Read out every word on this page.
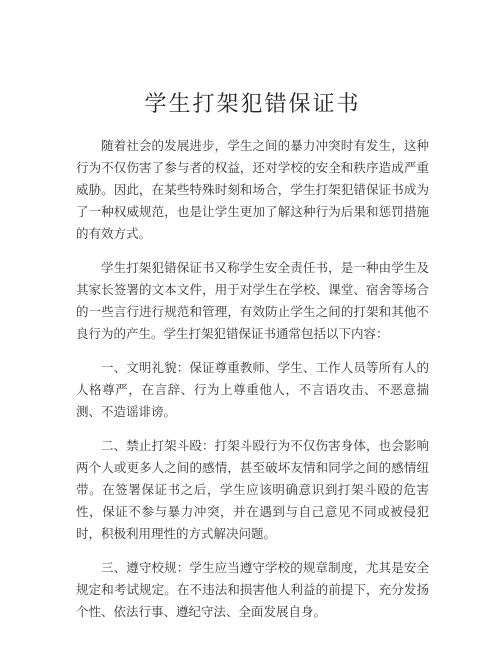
学生打架犯错保证书

随着社会的发展进步，学生之间的暴力冲突时有发生，这种行为不仅伤害了参与者的权益，还对学校的安全和秩序造成严重威胁。因此，在某些特殊时刻和场合，学生打架犯错保证书成为了一种权威规范，也是让学生更加了解这种行为后果和惩罚措施的有效方式。

学生打架犯错保证书又称学生安全责任书，是一种由学生及其家长签署的文本文件，用于对学生在学校、课堂、宿舍等场合的一些言行进行规范和管理，有效防止学生之间的打架和其他不良行为的产生。学生打架犯错保证书通常包括以下内容：

一、文明礼貌：保证尊重教师、学生、工作人员等所有人的人格尊严，在言辞、行为上尊重他人，不言语攻击、不恶意揣测、不造谣诽谤。

二、禁止打架斗殴：打架斗殴行为不仅伤害身体，也会影响两个人或更多人之间的感情，甚至破坏友情和同学之间的感情纽带。在签署保证书之后，学生应该明确意识到打架斗殴的危害性，保证不参与暴力冲突，并在遇到与自己意见不同或被侵犯时，积极利用理性的方式解决问题。

三、遵守校规：学生应当遵守学校的规章制度，尤其是安全规定和考试规定。在不违法和损害他人利益的前提下，充分发扬个性、依法行事、遵纪守法、全面发展自身。
